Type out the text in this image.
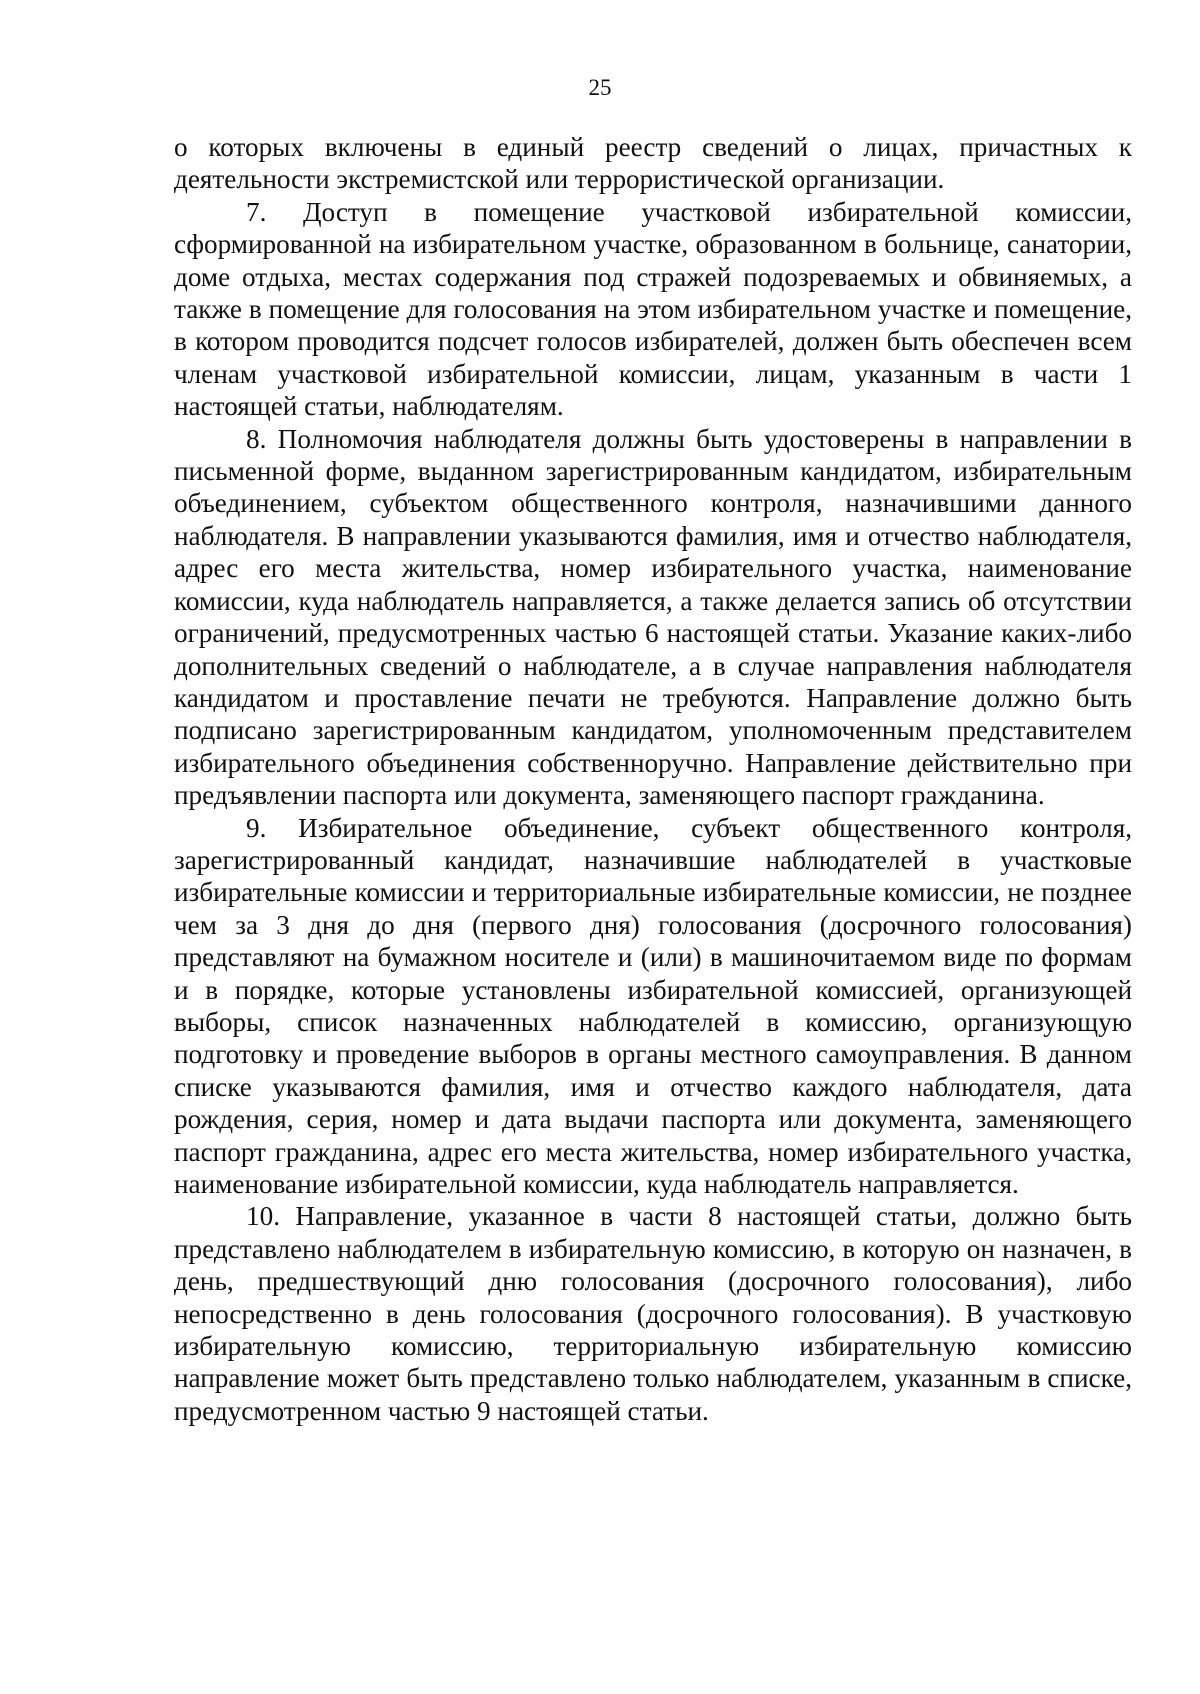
25

о которых включены в единый реестр сведений о лицах, причастных к деятельности экстремистской или террористической организации.

7. Доступ в помещение участковой избирательной комиссии, сформированной на избирательном участке, образованном в больнице, санатории, доме отдыха, местах содержания под стражей подозреваемых и обвиняемых, а также в помещение для голосования на этом избирательном участке и помещение, в котором проводится подсчет голосов избирателей, должен быть обеспечен всем членам участковой избирательной комиссии, лицам, указанным в части 1 настоящей статьи, наблюдателям.

8. Полномочия наблюдателя должны быть удостоверены в направлении в письменной форме, выданном зарегистрированным кандидатом, избирательным объединением, субъектом общественного контроля, назначившими данного наблюдателя. В направлении указываются фамилия, имя и отчество наблюдателя, адрес его места жительства, номер избирательного участка, наименование комиссии, куда наблюдатель направляется, а также делается запись об отсутствии ограничений, предусмотренных частью 6 настоящей статьи. Указание каких-либо дополнительных сведений о наблюдателе, а в случае направления наблюдателя кандидатом и проставление печати не требуются. Направление должно быть подписано зарегистрированным кандидатом, уполномоченным представителем избирательного объединения собственноручно. Направление действительно при предъявлении паспорта или документа, заменяющего паспорт гражданина.

9. Избирательное объединение, субъект общественного контроля, зарегистрированный кандидат, назначившие наблюдателей в участковые избирательные комиссии и территориальные избирательные комиссии, не позднее чем за 3 дня до дня (первого дня) голосования (досрочного голосования) представляют на бумажном носителе и (или) в машиночитаемом виде по формам и в порядке, которые установлены избирательной комиссией, организующей выборы, список назначенных наблюдателей в комиссию, организующую подготовку и проведение выборов в органы местного самоуправления. В данном списке указываются фамилия, имя и отчество каждого наблюдателя, дата рождения, серия, номер и дата выдачи паспорта или документа, заменяющего паспорт гражданина, адрес его места жительства, номер избирательного участка, наименование избирательной комиссии, куда наблюдатель направляется.

10. Направление, указанное в части 8 настоящей статьи, должно быть представлено наблюдателем в избирательную комиссию, в которую он назначен, в день, предшествующий дню голосования (досрочного голосования), либо непосредственно в день голосования (досрочного голосования). В участковую избирательную комиссию, территориальную избирательную комиссию направление может быть представлено только наблюдателем, указанным в списке, предусмотренном частью 9 настоящей статьи.
